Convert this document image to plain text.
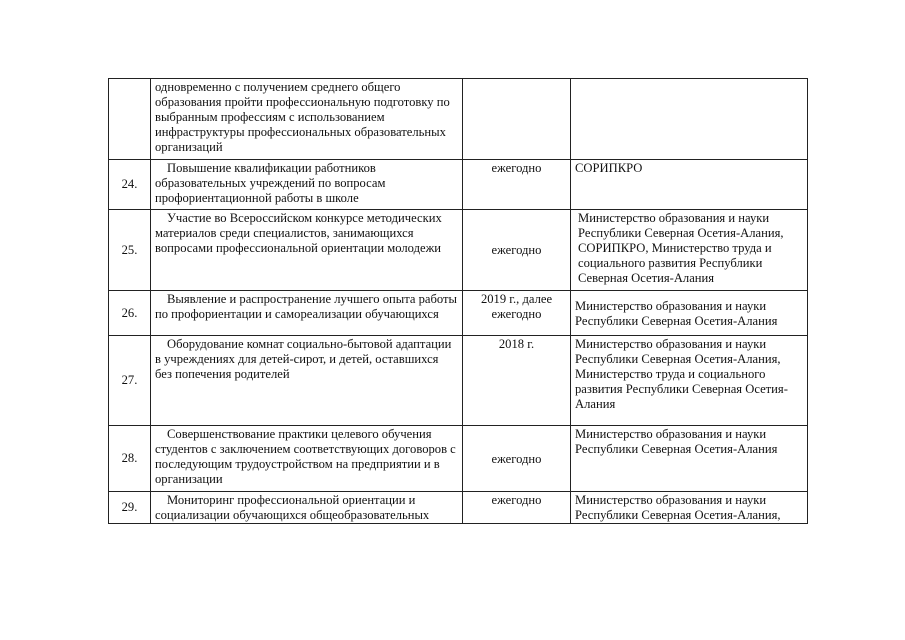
	одновременно с получением среднего общего образования пройти профессиональную подготовку по выбранным профессиям с использованием инфраструктуры профессиональных образовательных организаций		

24.	Повышение квалификации работников образовательных учреждений по вопросам профориентационной работы в школе	ежегодно	СОРИПКРО

25.	Участие во Всероссийском конкурсе методических материалов среди специалистов, занимающихся вопросами профессиональной ориентации молодежи	ежегодно	Министерство образования и науки Республики Северная Осетия-Алания, СОРИПКРО, Министерство труда и социального развития Республики Северная Осетия-Алания

26.	Выявление и распространение лучшего опыта работы по профориентации и самореализации обучающихся	2019 г., далее ежегодно	Министерство образования и науки Республики Северная Осетия-Алания

27.	Оборудование комнат социально-бытовой адаптации в учреждениях для детей-сирот, и детей, оставшихся без попечения родителей	2018 г.	Министерство образования и науки Республики Северная Осетия-Алания, Министерство труда и социального развития Республики Северная Осетия-Алания

28.	Совершенствование практики целевого обучения студентов с заключением соответствующих договоров с последующим трудоустройством на предприятии и в организации	ежегодно	Министерство образования и науки Республики Северная Осетия-Алания

29.	Мониторинг профессиональной ориентации и социализации обучающихся общеобразовательных	ежегодно	Министерство образования и науки Республики Северная Осетия-Алания,
